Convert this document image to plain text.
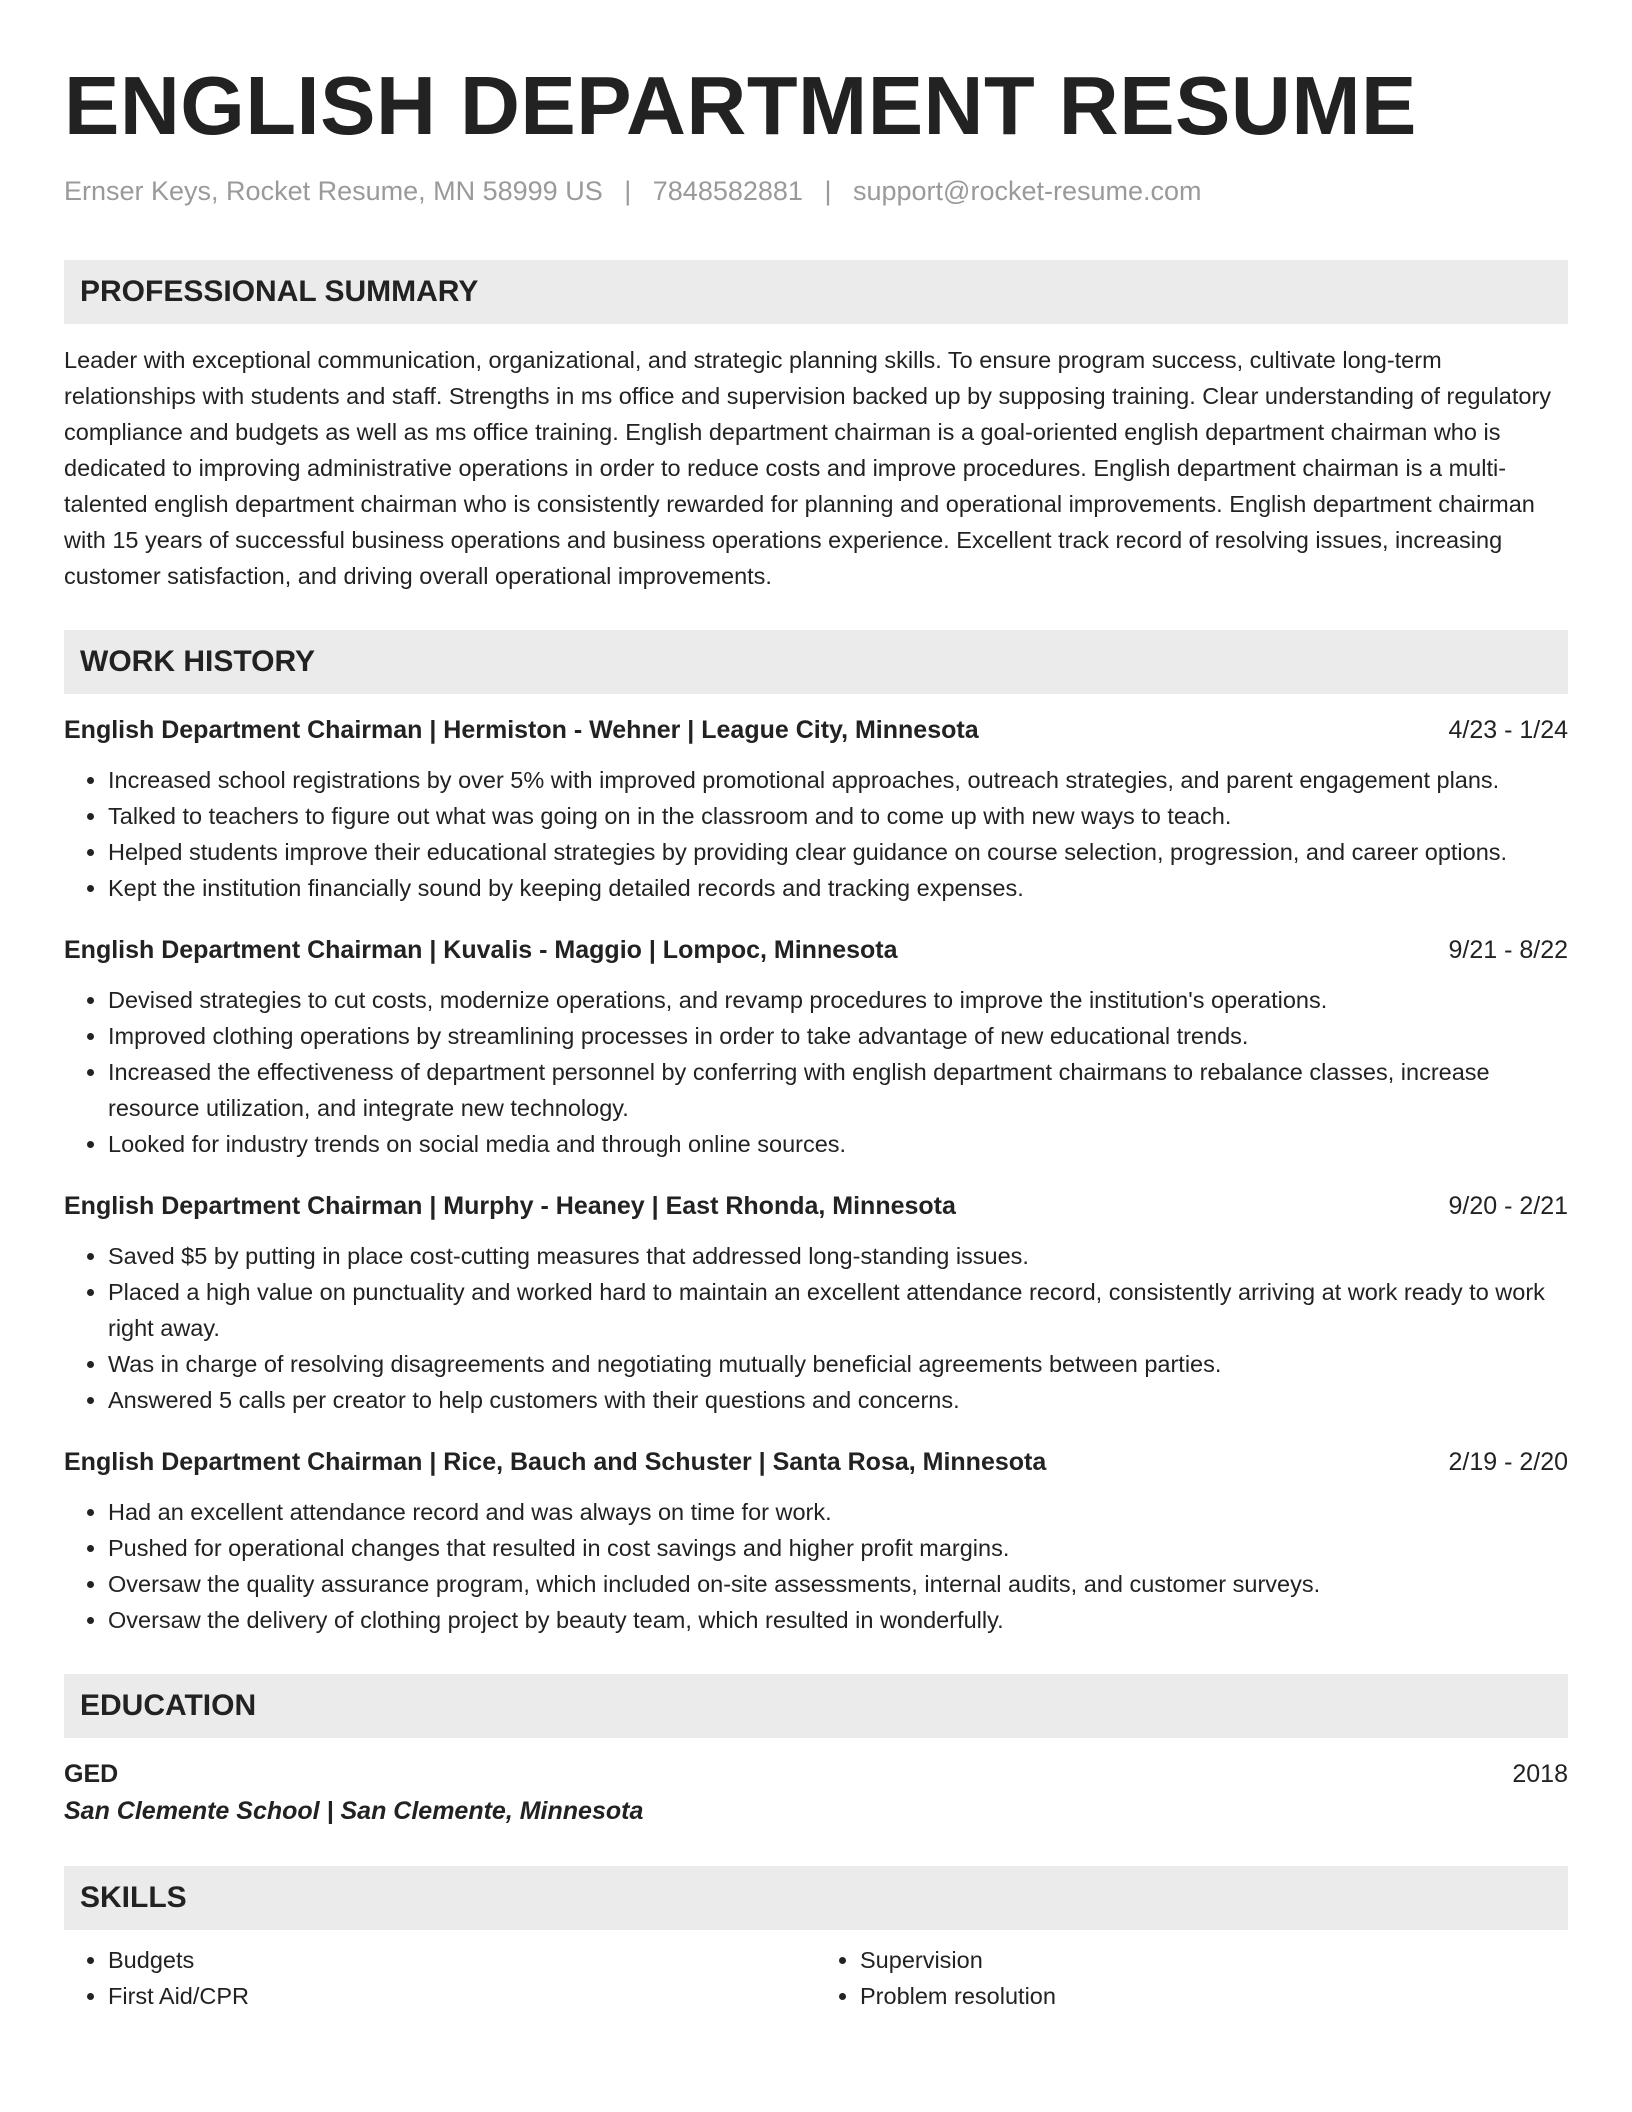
ENGLISH DEPARTMENT RESUME
Ernser Keys, Rocket Resume, MN 58999 US | 7848582881 | support@rocket-resume.com
PROFESSIONAL SUMMARY

Leader with exceptional communication, organizational, and strategic planning skills. To ensure program success, cultivate long-term relationships with students and staff. Strengths in ms office and supervision backed up by supposing training. Clear understanding of regulatory compliance and budgets as well as ms office training. English department chairman is a goal-oriented english department chairman who is dedicated to improving administrative operations in order to reduce costs and improve procedures. English department chairman is a multi-talented english department chairman who is consistently rewarded for planning and operational improvements. English department chairman with 15 years of successful business operations and business operations experience. Excellent track record of resolving issues, increasing customer satisfaction, and driving overall operational improvements.

WORK HISTORY
English Department Chairman | Hermiston - Wehner | League City, Minnesota	4/23 - 1/24
• Increased school registrations by over 5% with improved promotional approaches, outreach strategies, and parent engagement plans.
• Talked to teachers to figure out what was going on in the classroom and to come up with new ways to teach.
• Helped students improve their educational strategies by providing clear guidance on course selection, progression, and career options.
• Kept the institution financially sound by keeping detailed records and tracking expenses.
English Department Chairman | Kuvalis - Maggio | Lompoc, Minnesota	9/21 - 8/22
• Devised strategies to cut costs, modernize operations, and revamp procedures to improve the institution's operations.
• Improved clothing operations by streamlining processes in order to take advantage of new educational trends.
• Increased the effectiveness of department personnel by conferring with english department chairmans to rebalance classes, increase resource utilization, and integrate new technology.
• Looked for industry trends on social media and through online sources.
English Department Chairman | Murphy - Heaney | East Rhonda, Minnesota	9/20 - 2/21
• Saved $5 by putting in place cost-cutting measures that addressed long-standing issues.
• Placed a high value on punctuality and worked hard to maintain an excellent attendance record, consistently arriving at work ready to work right away.
• Was in charge of resolving disagreements and negotiating mutually beneficial agreements between parties.
• Answered 5 calls per creator to help customers with their questions and concerns.
English Department Chairman | Rice, Bauch and Schuster | Santa Rosa, Minnesota	2/19 - 2/20
• Had an excellent attendance record and was always on time for work.
• Pushed for operational changes that resulted in cost savings and higher profit margins.
• Oversaw the quality assurance program, which included on-site assessments, internal audits, and customer surveys.
• Oversaw the delivery of clothing project by beauty team, which resulted in wonderfully.
EDUCATION
GED	2018
San Clemente School | San Clemente, Minnesota
SKILLS
• Budgets
• First Aid/CPR
• Supervision
• Problem resolution
